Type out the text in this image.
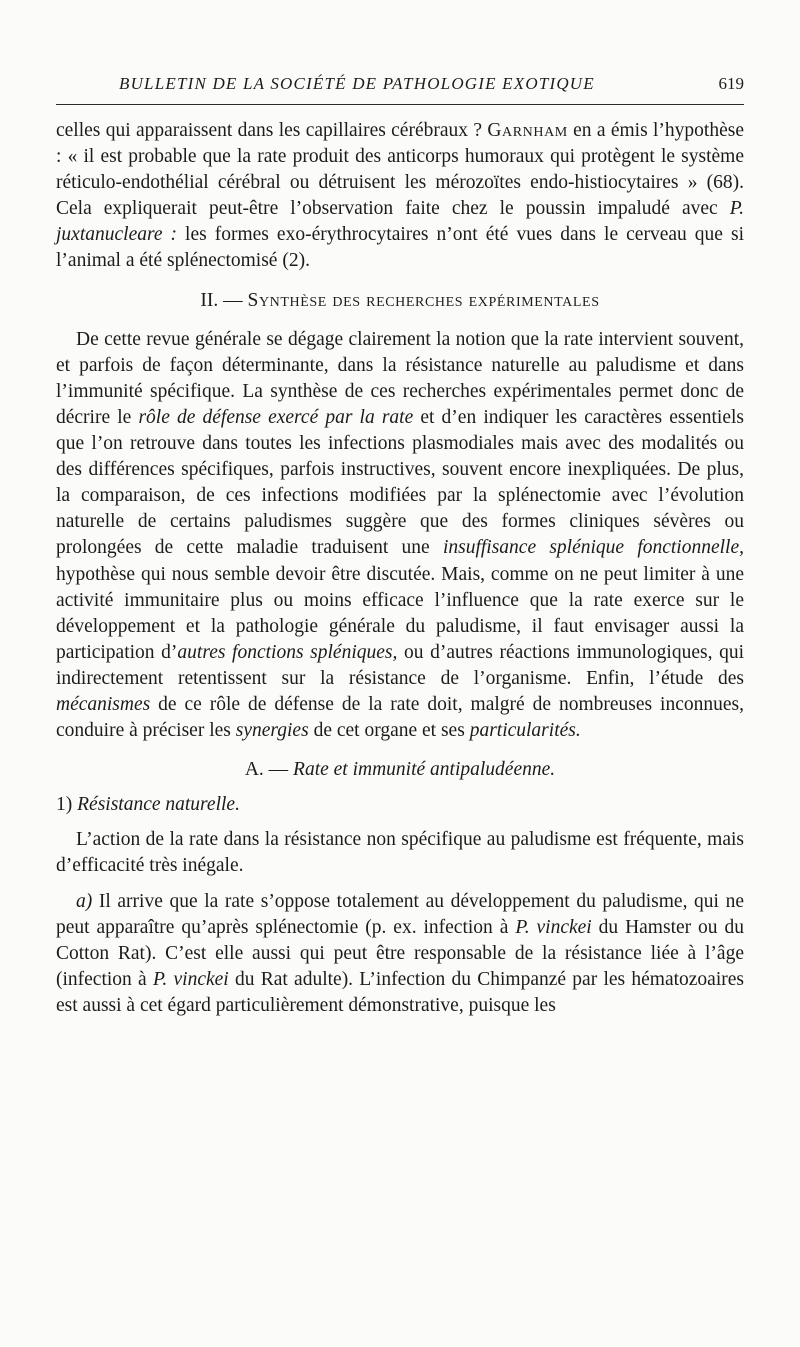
BULLETIN DE LA SOCIÉTÉ DE PATHOLOGIE EXOTIQUE	619

celles qui apparaissent dans les capillaires cérébraux ? Garnham en a émis l’hypothèse : « il est probable que la rate produit des anticorps humoraux qui protègent le système réticulo-endothélial cérébral ou détruisent les mérozoïtes endo-histiocytaires » (68). Cela expliquerait peut-être l’observation faite chez le poussin impaludé avec P. juxtanucleare : les formes exo-érythrocytaires n’ont été vues dans le cerveau que si l’animal a été splénectomisé (2).

II. — Synthèse des recherches expérimentales

De cette revue générale se dégage clairement la notion que la rate intervient souvent, et parfois de façon déterminante, dans la résistance naturelle au paludisme et dans l’immunité spécifique. La synthèse de ces recherches expérimentales permet donc de décrire le rôle de défense exercé par la rate et d’en indiquer les caractères essentiels que l’on retrouve dans toutes les infections plasmodiales mais avec des modalités ou des différences spécifiques, parfois instructives, souvent encore inexpliquées. De plus, la comparaison, de ces infections modifiées par la splénectomie avec l’évolution naturelle de certains paludismes suggère que des formes cliniques sévères ou prolongées de cette maladie traduisent une insuffisance splénique fonctionnelle, hypothèse qui nous semble devoir être discutée. Mais, comme on ne peut limiter à une activité immunitaire plus ou moins efficace l’influence que la rate exerce sur le développement et la pathologie générale du paludisme, il faut envisager aussi la participation d’autres fonctions spléniques, ou d’autres réactions immunologiques, qui indirectement retentissent sur la résistance de l’organisme. Enfin, l’étude des mécanismes de ce rôle de défense de la rate doit, malgré de nombreuses inconnues, conduire à préciser les synergies de cet organe et ses particularités.

A. — Rate et immunité antipaludéenne.

1) Résistance naturelle.

L’action de la rate dans la résistance non spécifique au paludisme est fréquente, mais d’efficacité très inégale.

a) Il arrive que la rate s’oppose totalement au développement du paludisme, qui ne peut apparaître qu’après splénectomie (p. ex. infection à P. vinckei du Hamster ou du Cotton Rat). C’est elle aussi qui peut être responsable de la résistance liée à l’âge (infection à P. vinckei du Rat adulte). L’infection du Chimpanzé par les hématozoaires est aussi à cet égard particulièrement démonstrative, puisque les
